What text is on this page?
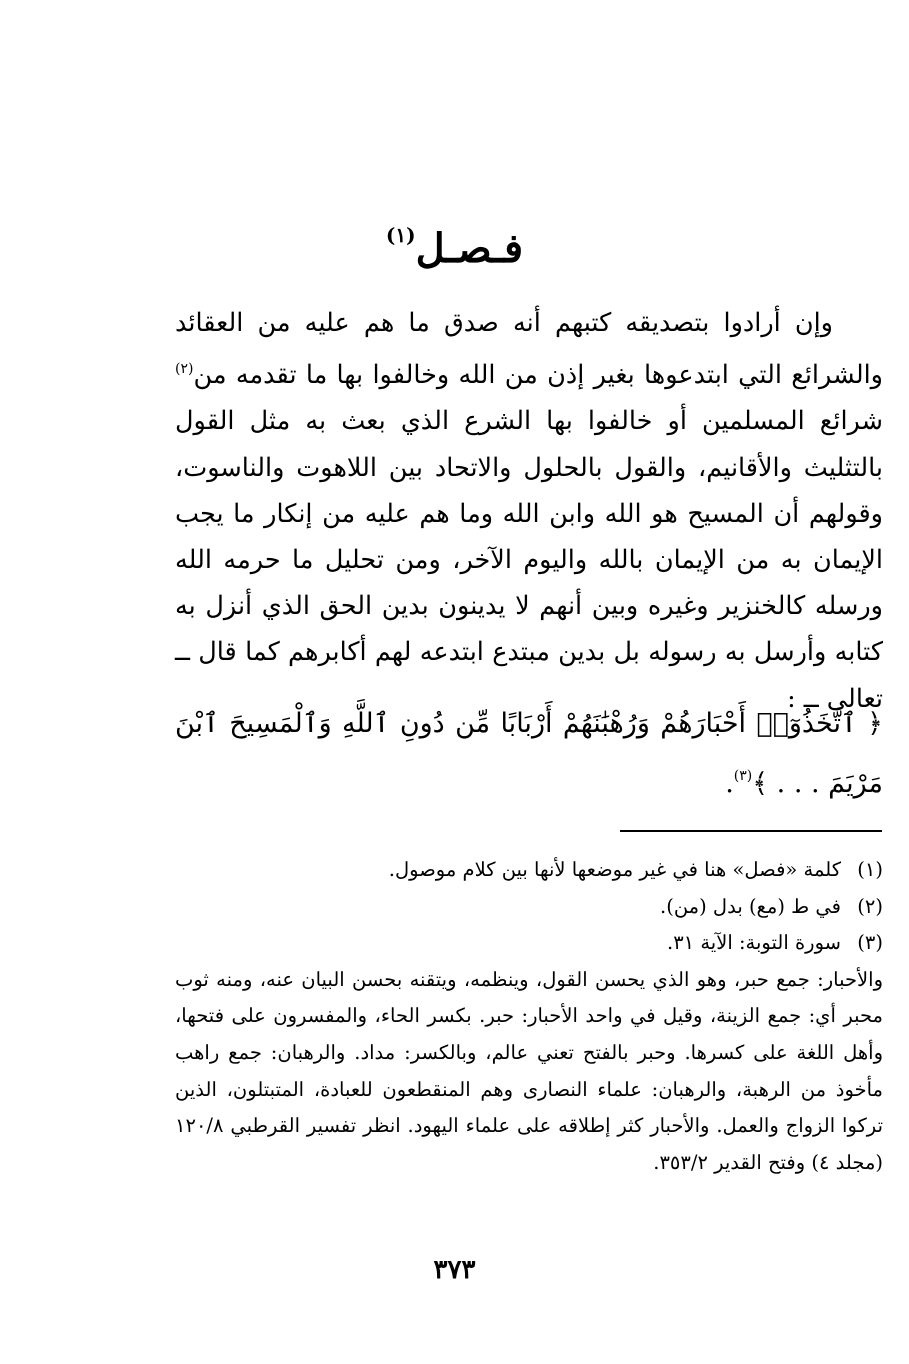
فـصـل$^{(١)}$

وإن أرادوا بتصديقه كتبهم أنه صدق ما هم عليه من العقائد والشرائع التي ابتدعوها بغير إذن من الله وخالفوا بها ما تقدمه من$^{(٢)}$ شرائع المسلمين أو خالفوا بها الشرع الذي بعث به مثل القول بالتثليث والأقانيم، والقول بالحلول والاتحاد بين اللاهوت والناسوت، وقولهم أن المسيح هو الله وابن الله وما هم عليه من إنكار ما يجب الإيمان به من الإيمان بالله واليوم الآخر، ومن تحليل ما حرمه الله ورسله كالخنزير وغيره وبين أنهم لا يدينون بدين الحق الذي أنزل به كتابه وأرسل به رسوله بل بدين مبتدع ابتدعه لهم أكابرهم كما قال ــ تعالى ــ :

﴿ ٱتَّخَذُوٓا۟ أَحْبَارَهُمْ وَرُهْبَٰنَهُمْ أَرْبَابًا مِّن دُونِ ٱللَّهِ وَٱلْمَسِيحَ ٱبْنَ مَرْيَمَ . . . ﴾$^{(٣)}$.

(١)
كلمة «فصل» هنا في غير موضعها لأنها بين كلام موصول.

(٢)
في ط (مع) بدل (من).

(٣)
سورة التوبة: الآية ٣١.

والأحبار: جمع حبر، وهو الذي يحسن القول، وينظمه، ويتقنه بحسن البيان عنه، ومنه ثوب محبر أي: جمع الزينة، وقيل في واحد الأحبار: حبر. بكسر الحاء، والمفسرون على فتحها، وأهل اللغة على كسرها. وحبر بالفتح تعني عالم، وبالكسر: مداد. والرهبان: جمع راهب مأخوذ من الرهبة، والرهبان: علماء النصارى وهم المنقطعون للعبادة، المتبتلون، الذين تركوا الزواج والعمل. والأحبار كثر إطلاقه على علماء اليهود. انظر تفسير القرطبي ١٢٠/٨ (مجلد ٤) وفتح القدير ٣٥٣/٢.

٣٧٣
